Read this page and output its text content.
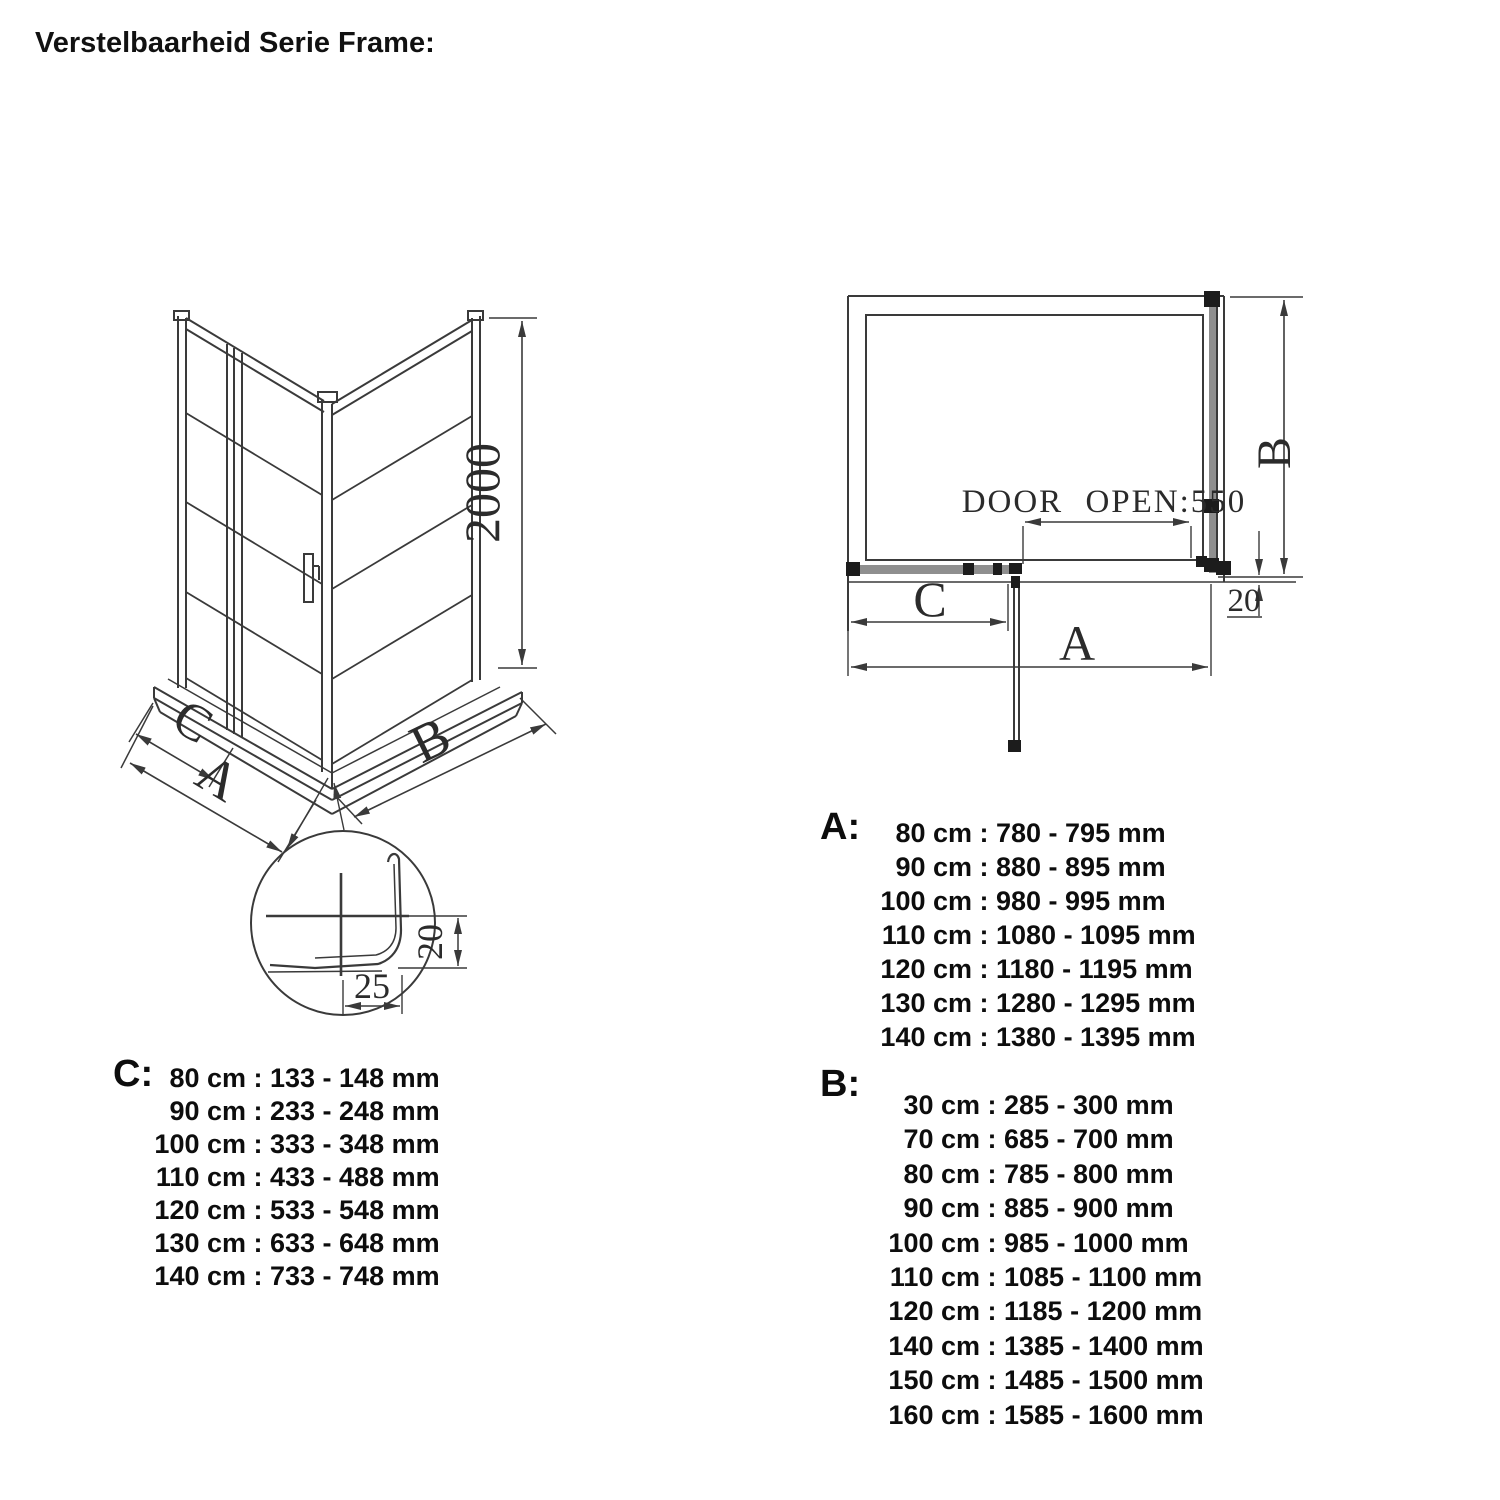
Verstelbaarheid Serie Frame:
2000
C
A
B
25
20
B
DOOR OPEN:550
20
C
A
A:	80 cm : 780 - 795 mm
90 cm : 880 - 895 mm
100 cm : 980 - 995 mm
110 cm : 1080 - 1095 mm
120 cm : 1180 - 1195 mm
130 cm : 1280 - 1295 mm
140 cm : 1380 - 1395 mm
B:	30 cm : 285 - 300 mm
70 cm : 685 - 700 mm
80 cm : 785 - 800 mm
90 cm : 885 - 900 mm
100 cm : 985 - 1000 mm
110 cm : 1085 - 1100 mm
120 cm : 1185 - 1200 mm
140 cm : 1385 - 1400 mm
150 cm : 1485 - 1500 mm
160 cm : 1585 - 1600 mm
C: 80 cm : 133 - 148 mm
90 cm : 233 - 248 mm
100 cm : 333 - 348 mm
110 cm : 433 - 488 mm
120 cm : 533 - 548 mm
130 cm : 633 - 648 mm
140 cm : 733 - 748 mm
